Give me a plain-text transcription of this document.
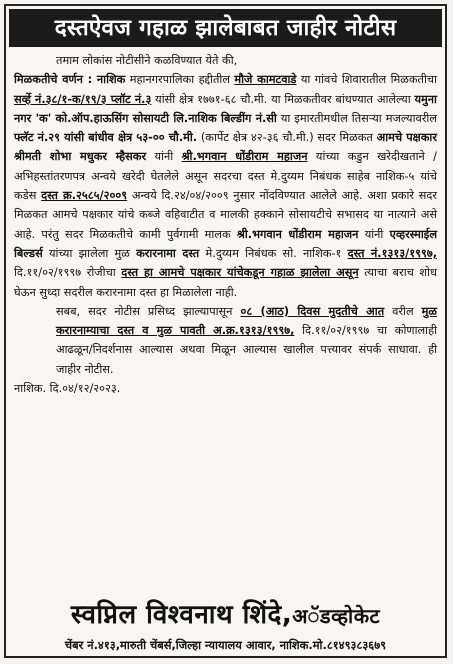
दस्तऐवज गहाळ झालेबाबत जाहीर नोटीस

तमाम लोकांस नोटीसीने कळविण्यात येते की,

मिळकतीचे वर्णन : नाशिक महानगरपालिका हद्दीतील मौजे कामटवाडे या गांवचे शिवारातील मिळकतीचा सर्व्हे नं.३८/१-क/१९/३ प्लॉट नं.३ यांसी क्षेत्र १७७१-६८ चौ.मी. या मिळकतीवर बांधण्यात आलेल्या यमुना नगर 'क' को.ऑप.हाऊसिंग सोसायटी लि.नाशिक बिल्डींग नं.सी या इमारतीमधील तिसऱ्या मजल्यावरील फ्लॅट नं.२९ यांसी बांधीव क्षेत्र ५३-०० चौ.मी. (कार्पेट क्षेत्र ४२-३६ चौ.मी.) सदर मिळकत आमचे पक्षकार श्रीमती शोभा मधुकर म्हैसकर यांनी श्री.भगवान धोंडीराम महाजन यांच्या कडुन खरेदीखताने /अभिहस्तांतरणपत्र अन्वये खरेदी घेतलेले असून सदरचा दस्त मे.दुय्यम निबंधक साहेब नाशिक-५ यांचे कडेस दस्त क्र.२५८५/२००९ अन्वये दि.२४/०४/२००९ नुसार नोंदविण्यात आलेले आहे. अशा प्रकारे सदर मिळकत आमचे पक्षकार यांचे कब्जे वहिवाटीत व मालकी हक्काने सोसायटीचे सभासद या नात्याने असे आहे. परंतु सदर मिळकतीचे कामी पुर्वगामी मालक श्री.भगवान धोंडीराम महाजन यांनी एव्हरस्माईल बिल्डर्स यांच्या झालेला मुळ करारनामा दस्त मे.दुय्यम निबंधक सो. नाशिक-१ दस्त नं.१३१३/१९९७, दि.११/०२/१९९७ रोजीचा दस्त हा आमचे पक्षकार यांचेकडून गहाळ झालेला असून त्याचा बराच शोध घेऊन सुध्दा सदरील करारनामा दस्त हा मिळालेला नाही.

सबब, सदर नोटीस प्रसिध्द झाल्यापासून ०८ (आठ) दिवस मुदतीचे आत वरील मुळ करारनाम्याचा दस्त व मुळ पावती अ.क्र.१३१३/१९९७, दि.११/०२/१९९७ चा कोणालाही आढळून/निदर्शनास आल्यास अथवा मिळून आल्यास खालील पत्त्यावर संपर्क साधावा. ही जाहीर नोटीस.

नाशिक. दि.०४/१२/२०२३.

स्वप्निल विश्वनाथ शिंदे,अॅडव्होकेट
चेंबर नं.४१३,मारुती चेंबर्स,जिल्हा न्यायालय आवार, नाशिक.मो.८१४९३८३६७९
